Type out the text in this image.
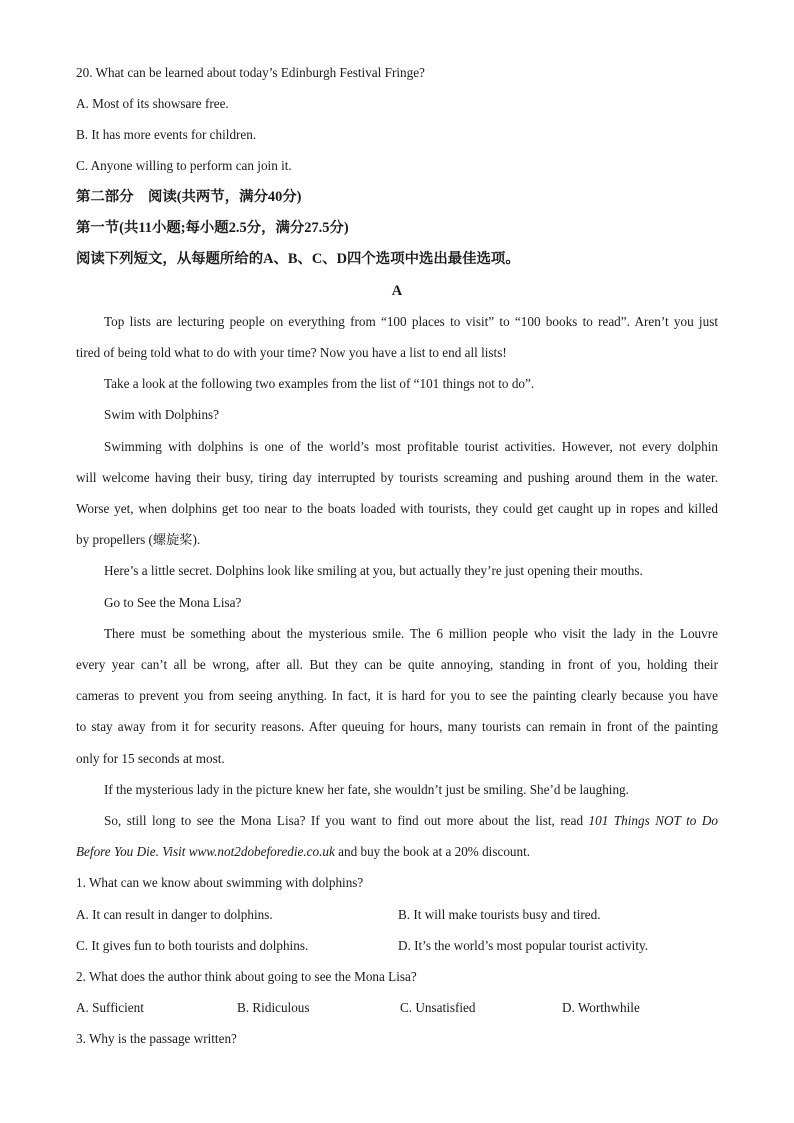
20. What can be learned about today’s Edinburgh Festival Fringe?
A. Most of its showsare free.
B. It has more events for children.
C. Anyone willing to perform can join it.
第二部分　阅读(共两节，满分40分)
第一节(共11小题;每小题2.5分，满分27.5分)
阅读下列短文，从每题所给的A、B、C、D四个选项中选出最佳选项。
A
Top lists are lecturing people on everything from “100 places to visit” to “100 books to read”. Aren’t you just
tired of being told what to do with your time? Now you have a list to end all lists!
Take a look at the following two examples from the list of “101 things not to do”.
Swim with Dolphins?
Swimming with dolphins is one of the world’s most profitable tourist activities. However, not every dolphin
will welcome having their busy, tiring day interrupted by tourists screaming and pushing around them in the water.
Worse yet, when dolphins get too near to the boats loaded with tourists, they could get caught up in ropes and killed
by propellers (螺旋桨).
Here’s a little secret. Dolphins look like smiling at you, but actually they’re just opening their mouths.
Go to See the Mona Lisa?
There must be something about the mysterious smile. The 6 million people who visit the lady in the Louvre
every year can’t all be wrong, after all. But they can be quite annoying, standing in front of you, holding their
cameras to prevent you from seeing anything. In fact, it is hard for you to see the painting clearly because you have
to stay away from it for security reasons. After queuing for hours, many tourists can remain in front of the painting
only for 15 seconds at most.
If the mysterious lady in the picture knew her fate, she wouldn’t just be smiling. She’d be laughing.
So, still long to see the Mona Lisa? If you want to find out more about the list, read 101 Things NOT to Do
Before You Die. Visit www.not2dobeforedie.co.uk and buy the book at a 20% discount.
1. What can we know about swimming with dolphins?
A. It can result in danger to dolphins.	B. It will make tourists busy and tired.
C. It gives fun to both tourists and dolphins.	D. It’s the world’s most popular tourist activity.
2. What does the author think about going to see the Mona Lisa?
A. Sufficient	B. Ridiculous	C. Unsatisfied	D. Worthwhile
3. Why is the passage written?
